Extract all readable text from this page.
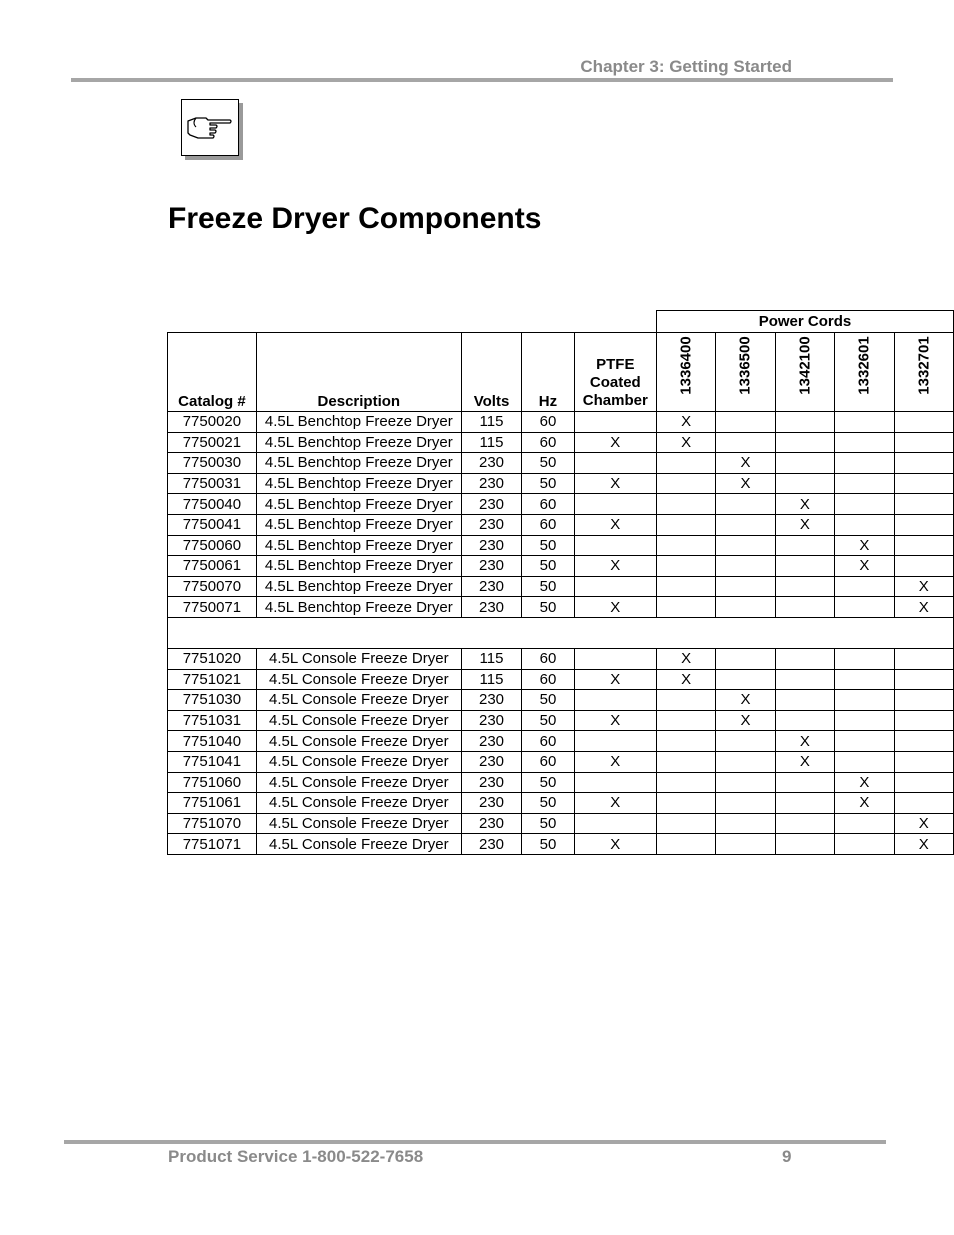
Chapter 3: Getting Started
Freeze Dryer Components
					Power Cords				
Catalog #	Description	Volts	Hz	PTFE
Coated
Chamber	1336400	1336500	1342100	1332601	1332701

7750020	4.5L Benchtop Freeze Dryer	115	60		X				
7750021	4.5L Benchtop Freeze Dryer	115	60	X	X				
7750030	4.5L Benchtop Freeze Dryer	230	50			X			
7750031	4.5L Benchtop Freeze Dryer	230	50	X		X			
7750040	4.5L Benchtop Freeze Dryer	230	60				X		
7750041	4.5L Benchtop Freeze Dryer	230	60	X			X		
7750060	4.5L Benchtop Freeze Dryer	230	50					X	
7750061	4.5L Benchtop Freeze Dryer	230	50	X				X	
7750070	4.5L Benchtop Freeze Dryer	230	50						X
7750071	4.5L Benchtop Freeze Dryer	230	50	X					X

7751020	4.5L Console Freeze Dryer	115	60		X				
7751021	4.5L Console Freeze Dryer	115	60	X	X				
7751030	4.5L Console Freeze Dryer	230	50			X			
7751031	4.5L Console Freeze Dryer	230	50	X		X			
7751040	4.5L Console Freeze Dryer	230	60				X		
7751041	4.5L Console Freeze Dryer	230	60	X			X		
7751060	4.5L Console Freeze Dryer	230	50					X	
7751061	4.5L Console Freeze Dryer	230	50	X				X	
7751070	4.5L Console Freeze Dryer	230	50						X
7751071	4.5L Console Freeze Dryer	230	50	X					X
Product Service 1-800-522-7658	9
